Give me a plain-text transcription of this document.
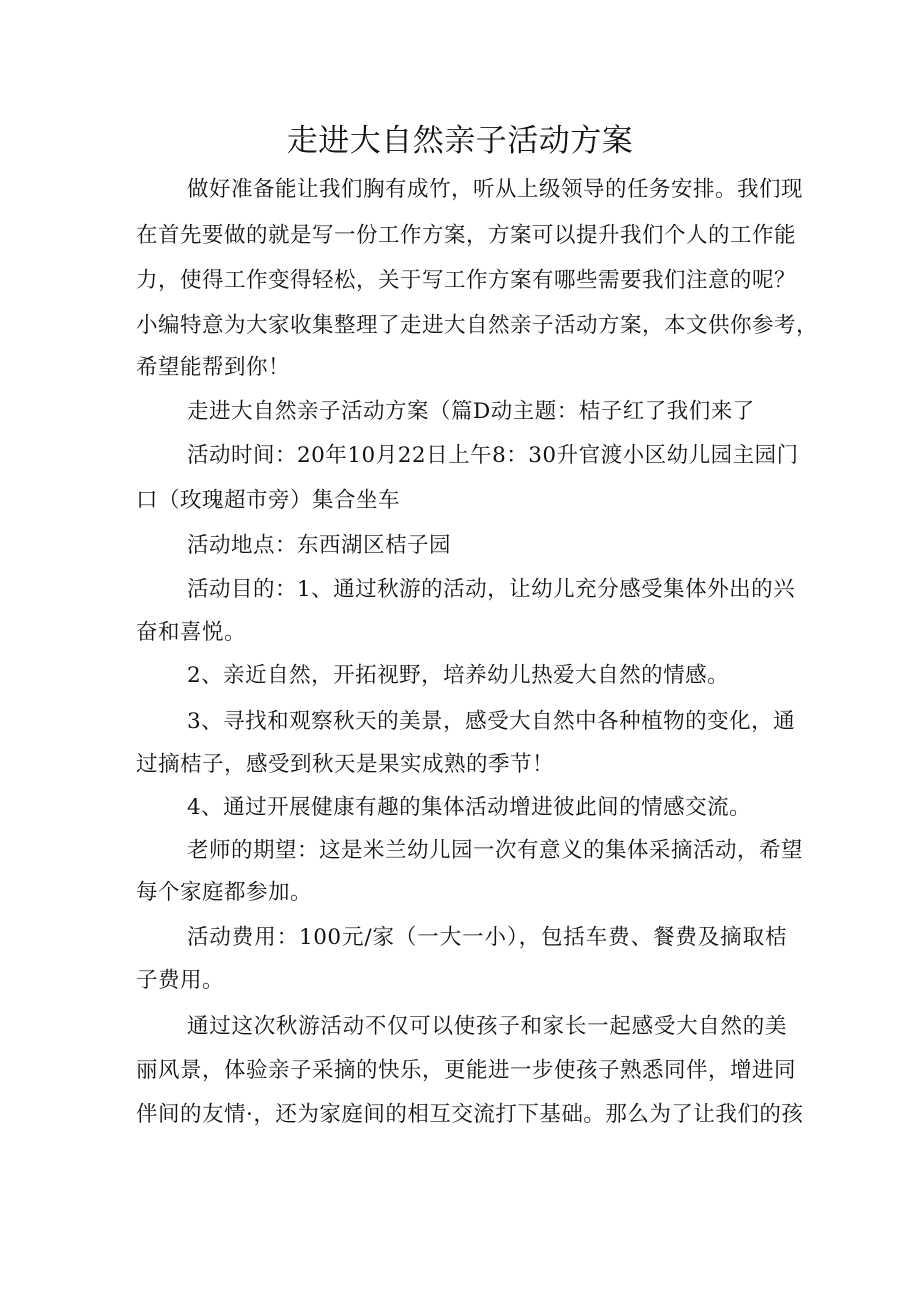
走进大自然亲子活动方案
做好准备能让我们胸有成竹，听从上级领导的任务安排。我们现
在首先要做的就是写一份工作方案，方案可以提升我们个人的工作能
力，使得工作变得轻松，关于写工作方案有哪些需要我们注意的呢？
小编特意为大家收集整理了走进大自然亲子活动方案，本文供你参考，
希望能帮到你！
走进大自然亲子活动方案（篇D动主题：桔子红了我们来了
活动时间：20年10月22日上午8：30升官渡小区幼儿园主园门
口（玫瑰超市旁）集合坐车
活动地点：东西湖区桔子园
活动目的：1、通过秋游的活动，让幼儿充分感受集体外出的兴
奋和喜悦。
2、亲近自然，开拓视野，培养幼儿热爱大自然的情感。
3、寻找和观察秋天的美景，感受大自然中各种植物的变化，通
过摘桔子，感受到秋天是果实成熟的季节！
4、通过开展健康有趣的集体活动增进彼此间的情感交流。
老师的期望：这是米兰幼儿园一次有意义的集体采摘活动，希望
每个家庭都参加。
活动费用：100元/家（一大一小），包括车费、餐费及摘取桔
子费用。
通过这次秋游活动不仅可以使孩子和家长一起感受大自然的美
丽风景，体验亲子采摘的快乐，更能进一步使孩子熟悉同伴，增进同
伴间的友情·，还为家庭间的相互交流打下基础。那么为了让我们的孩
